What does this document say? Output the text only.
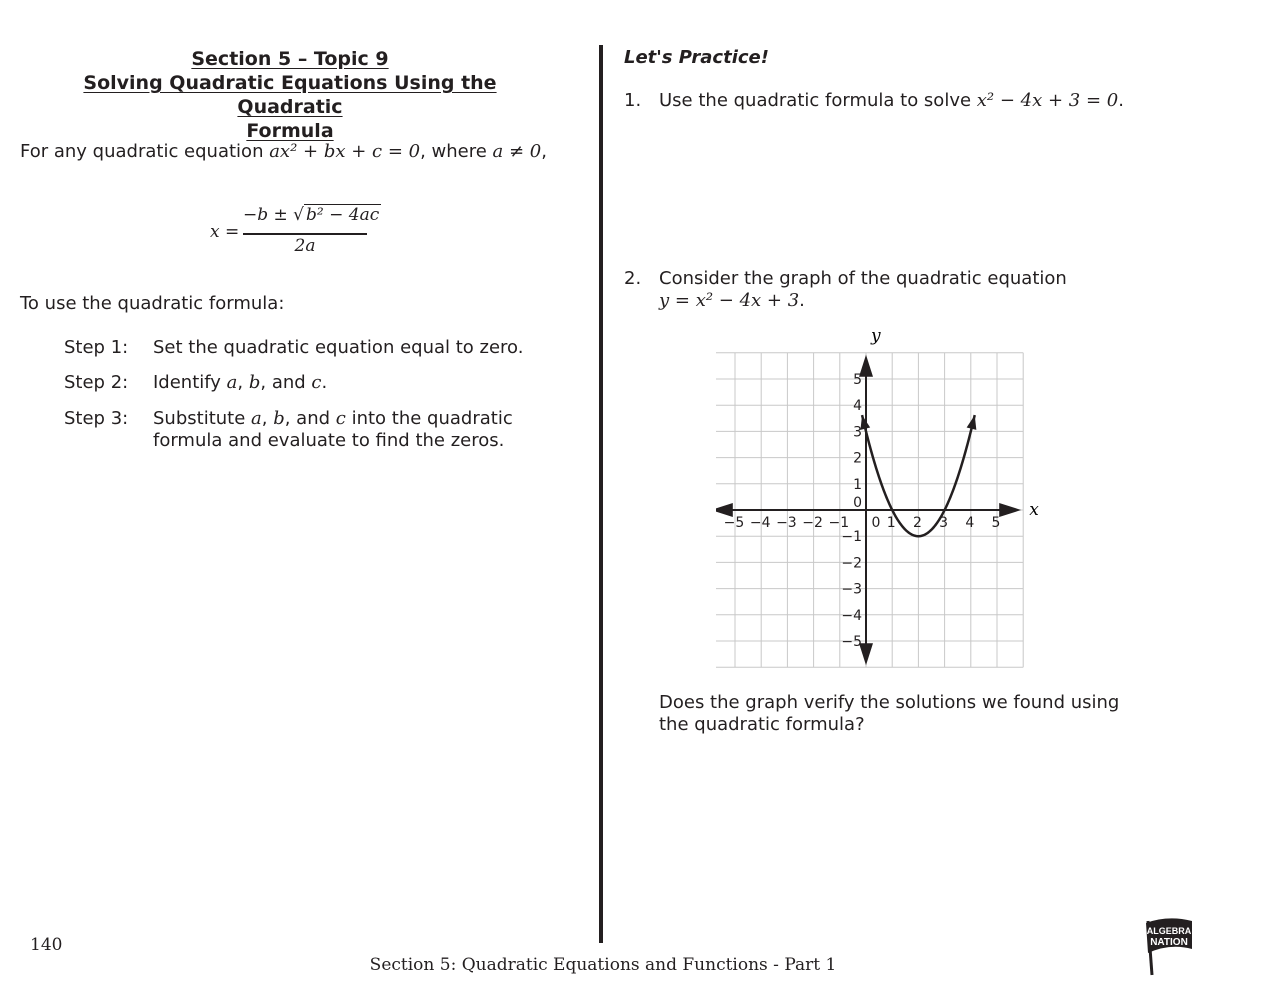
Section 5 – Topic 9
Solving Quadratic Equations Using the Quadratic
Formula
For any quadratic equation ax² + bx + c = 0, where a ≠ 0,
x =
−b ± √ b² − 4ac
2a
To use the quadratic formula:
Step 1: Set the quadratic equation equal to zero.
Step 2: Identify a, b, and c.
Step 3: Substitute a, b, and c into the quadratic formula and evaluate to find the zeros.
Let's Practice!
1. Use the quadratic formula to solve x² − 4x + 3 = 0.
2. Consider the graph of the quadratic equation
y = x² − 4x + 3.
−5 −4 −3 −2 −1 0 1 2 3 4 5
5
4
3
2
1
0
−1
−2
−3
−4
−5
x
y
Does the graph verify the solutions we found using the quadratic formula?
140
Section 5: Quadratic Equations and Functions - Part 1
ALGEBRA
NATION
